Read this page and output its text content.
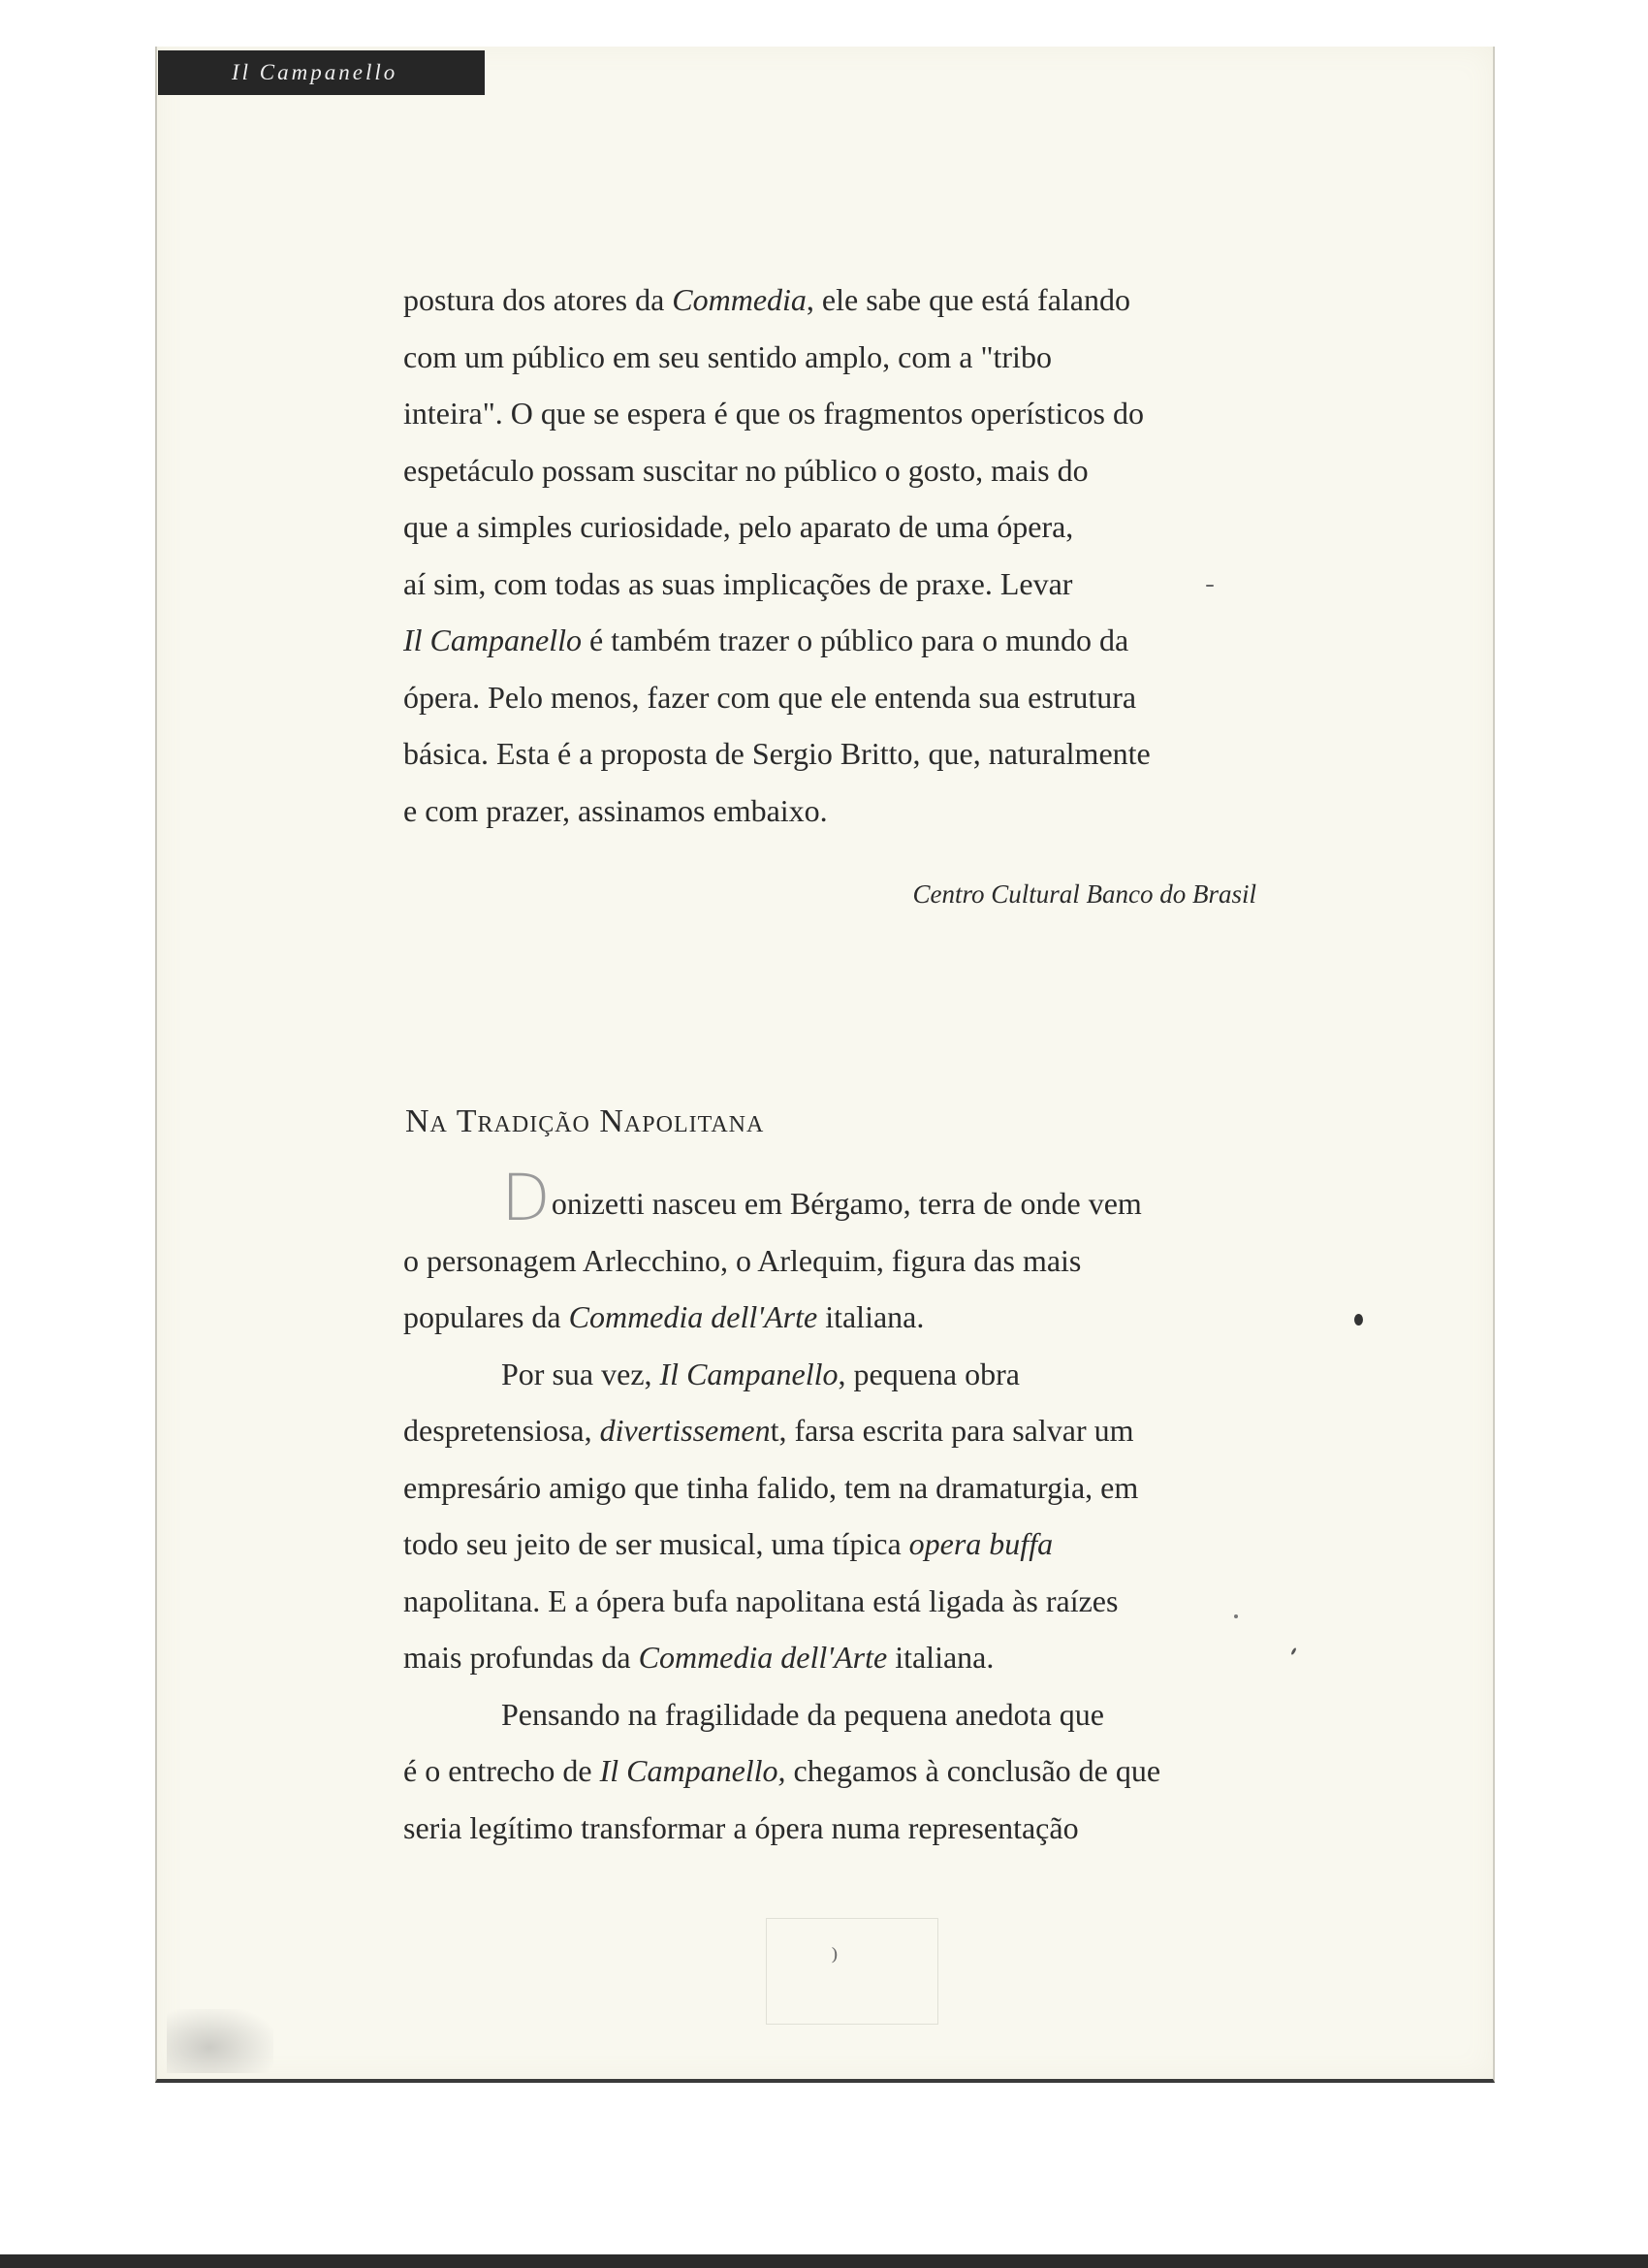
Il Campanello
postura dos atores da Commedia, ele sabe que está falando
com um público em seu sentido amplo, com a "tribo
inteira". O que se espera é que os fragmentos operísticos do
espetáculo possam suscitar no público o gosto, mais do
que a simples curiosidade, pelo aparato de uma ópera,
aí sim, com todas as suas implicações de praxe. Levar
Il Campanello é também trazer o público para o mundo da
ópera. Pelo menos, fazer com que ele entenda sua estrutura
básica. Esta é a proposta de Sergio Britto, que, naturalmente
e com prazer, assinamos embaixo.
Centro Cultural Banco do Brasil
Na Tradição Napolitana
Donizetti nasceu em Bérgamo, terra de onde vem
o personagem Arlecchino, o Arlequim, figura das mais
populares da Commedia dell'Arte italiana.
Por sua vez, Il Campanello, pequena obra
despretensiosa, divertissement, farsa escrita para salvar um
empresário amigo que tinha falido, tem na dramaturgia, em
todo seu jeito de ser musical, uma típica opera buffa
napolitana. E a ópera bufa napolitana está ligada às raízes
mais profundas da Commedia dell'Arte italiana.
Pensando na fragilidade da pequena anedota que
é o entrecho de Il Campanello, chegamos à conclusão de que
seria legítimo transformar a ópera numa representação
⁾
